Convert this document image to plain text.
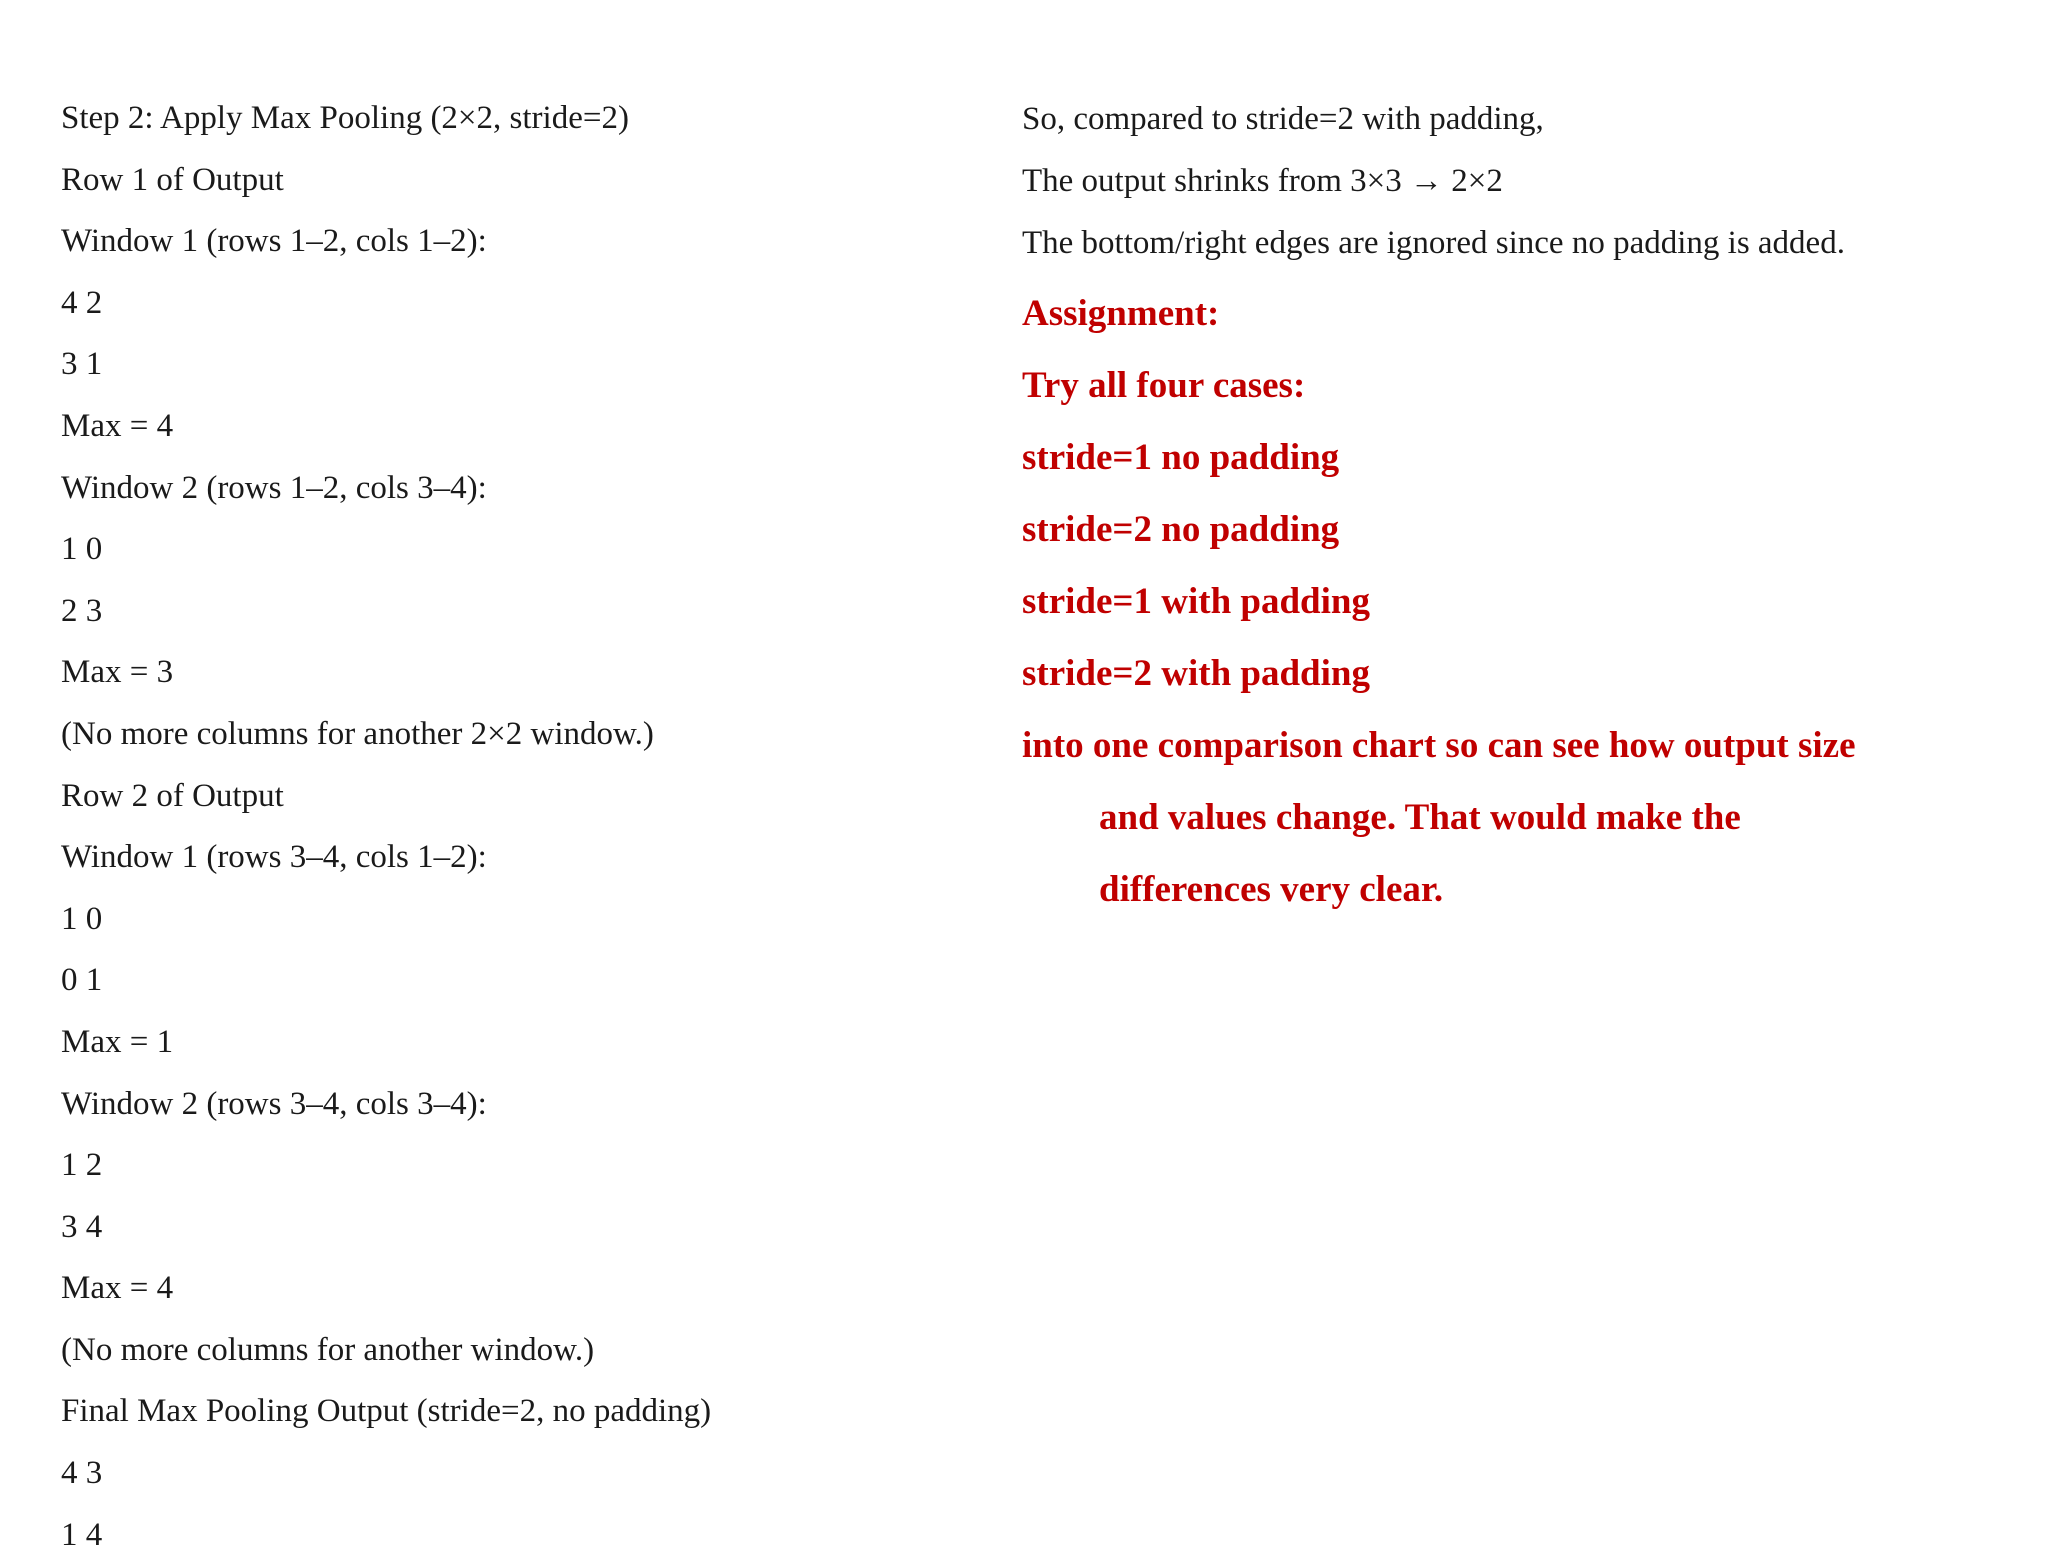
Step 2: Apply Max Pooling (2×2, stride=2)

Row 1 of Output

Window 1 (rows 1–2, cols 1–2):

4 2

3 1

Max = 4

Window 2 (rows 1–2, cols 3–4):

1 0

2 3

Max = 3

(No more columns for another 2×2 window.)

Row 2 of Output

Window 1 (rows 3–4, cols 1–2):

1 0

0 1

Max = 1

Window 2 (rows 3–4, cols 3–4):

1 2

3 4

Max = 4

(No more columns for another window.)

Final Max Pooling Output (stride=2, no padding)

4 3

1 4

So, compared to stride=2 with padding,

The output shrinks from 3×3 → 2×2

The bottom/right edges are ignored since no padding is added.

Assignment:

Try all four cases:

stride=1 no padding

stride=2 no padding

stride=1 with padding

stride=2 with padding

into one comparison chart so can see how output size

and values change. That would make the

differences very clear.
